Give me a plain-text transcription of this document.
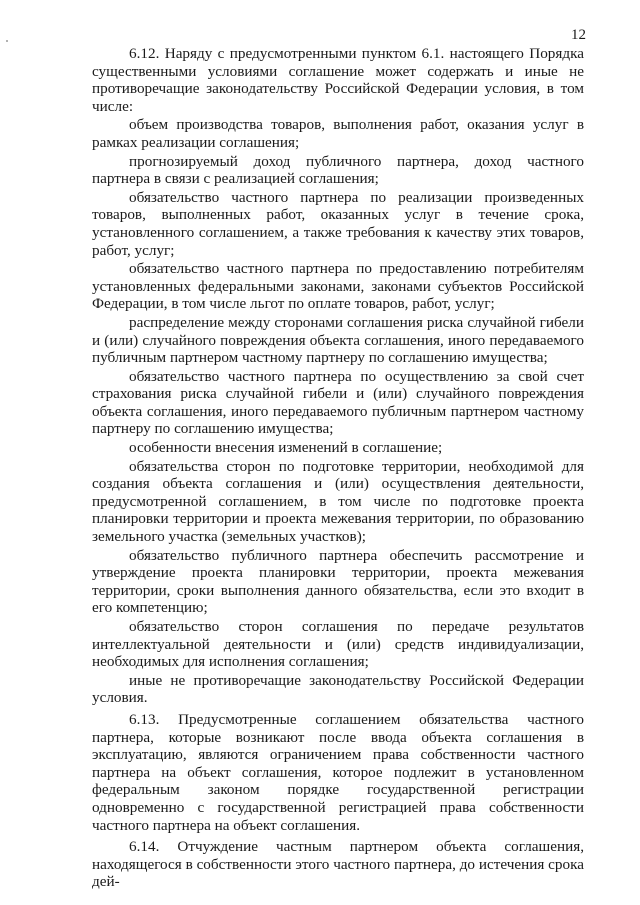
12

6.12. Наряду с предусмотренными пунктом 6.1. настоящего Порядка существенными условиями соглашение может содержать и иные не противоречащие законодательству Российской Федерации условия, в том числе:

объем производства товаров, выполнения работ, оказания услуг в рамках реализации соглашения;

прогнозируемый доход публичного партнера, доход частного партнера в связи с реализацией соглашения;

обязательство частного партнера по реализации произведенных товаров, выполненных работ, оказанных услуг в течение срока, установленного соглашением, а также требования к качеству этих товаров, работ, услуг;

обязательство частного партнера по предоставлению потребителям установленных федеральными законами, законами субъектов Российской Федерации, в том числе льгот по оплате товаров, работ, услуг;

распределение между сторонами соглашения риска случайной гибели и (или) случайного повреждения объекта соглашения, иного передаваемого публичным партнером частному партнеру по соглашению имущества;

обязательство частного партнера по осуществлению за свой счет страхования риска случайной гибели и (или) случайного повреждения объекта соглашения, иного передаваемого публичным партнером частному партнеру по соглашению имущества;

особенности внесения изменений в соглашение;

обязательства сторон по подготовке территории, необходимой для создания объекта соглашения и (или) осуществления деятельности, предусмотренной соглашением, в том числе по подготовке проекта планировки территории и проекта межевания территории, по образованию земельного участка (земельных участков);

обязательство публичного партнера обеспечить рассмотрение и утверждение проекта планировки территории, проекта межевания территории, сроки выполнения данного обязательства, если это входит в его компетенцию;

обязательство сторон соглашения по передаче результатов интеллектуальной деятельности и (или) средств индивидуализации, необходимых для исполнения соглашения;

иные не противоречащие законодательству Российской Федерации условия.

6.13. Предусмотренные соглашением обязательства частного партнера, которые возникают после ввода объекта соглашения в эксплуатацию, являются ограничением права собственности частного партнера на объект соглашения, которое подлежит в установленном федеральным законом порядке государственной регистрации одновременно с государственной регистрацией права собственности частного партнера на объект соглашения.

6.14. Отчуждение частным партнером объекта соглашения, находящегося в собственности этого частного партнера, до истечения срока дей-
